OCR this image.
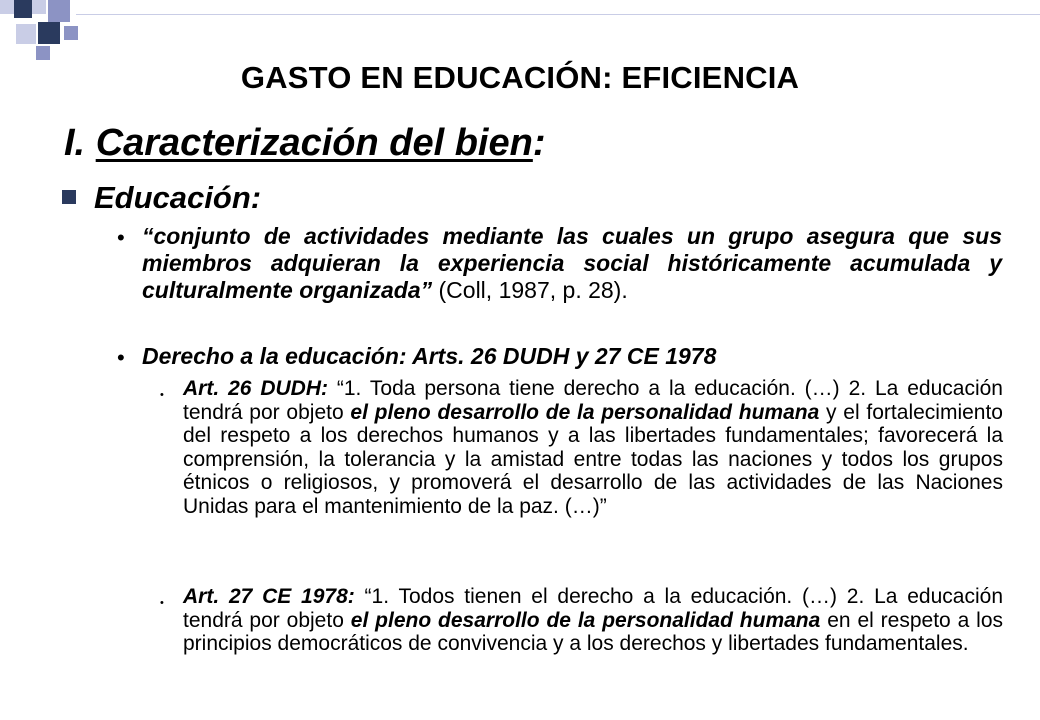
GASTO EN EDUCACIÓN: EFICIENCIA
I. Caracterización del bien:
Educación:
• “conjunto de actividades mediante las cuales un grupo asegura que sus miembros adquieran la experiencia social históricamente acumulada y culturalmente organizada” (Coll, 1987, p. 28).
• Derecho a la educación: Arts. 26 DUDH y 27 CE 1978
• Art. 26 DUDH: “1. Toda persona tiene derecho a la educación. (…) 2. La educación tendrá por objeto el pleno desarrollo de la personalidad humana y el fortalecimiento del respeto a los derechos humanos y a las libertades fundamentales; favorecerá la comprensión, la tolerancia y la amistad entre todas las naciones y todos los grupos étnicos o religiosos, y promoverá el desarrollo de las actividades de las Naciones Unidas para el mantenimiento de la paz. (…)”
• Art. 27 CE 1978: “1. Todos tienen el derecho a la educación. (…) 2. La educación tendrá por objeto el pleno desarrollo de la personalidad humana en el respeto a los principios democráticos de convivencia y a los derechos y libertades fundamentales.
